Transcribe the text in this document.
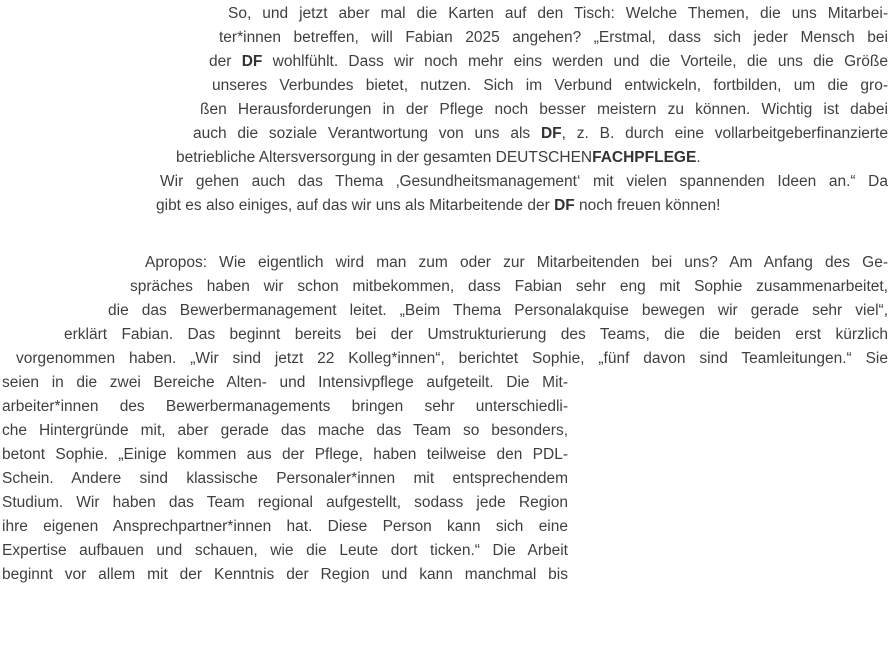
So, und jetzt aber mal die Karten auf den Tisch: Welche Themen, die uns Mitarbei-
ter*innen betreffen, will Fabian 2025 angehen? „Erstmal, dass sich jeder Mensch bei
der DF wohlfühlt. Dass wir noch mehr eins werden und die Vorteile, die uns die Größe
unseres Verbundes bietet, nutzen. Sich im Verbund entwickeln, fortbilden, um die gro-
ßen Herausforderungen in der Pflege noch besser meistern zu können. Wichtig ist dabei
auch die soziale Verantwortung von uns als DF, z. B. durch eine vollarbeitgeberfinanzierte
betriebliche Altersversorgung in der gesamten DEUTSCHENFACHPFLEGE.
Wir gehen auch das Thema ‚Gesundheitsmanagement‘ mit vielen spannenden Ideen an.“ Da
gibt es also einiges, auf das wir uns als Mitarbeitende der DF noch freuen können!
Apropos: Wie eigentlich wird man zum oder zur Mitarbeitenden bei uns? Am Anfang des Ge-
spräches haben wir schon mitbekommen, dass Fabian sehr eng mit Sophie zusammenarbeitet,
die das Bewerbermanagement leitet. „Beim Thema Personalakquise bewegen wir gerade sehr viel“,
erklärt Fabian. Das beginnt bereits bei der Umstrukturierung des Teams, die die beiden erst kürzlich
vorgenommen haben. „Wir sind jetzt 22 Kolleg*innen“, berichtet Sophie, „fünf davon sind Teamleitungen.“ Sie
seien in die zwei Bereiche Alten- und Intensivpflege aufgeteilt. Die Mit-
arbeiter*innen des Bewerbermanagements bringen sehr unterschiedli-
che Hintergründe mit, aber gerade das mache das Team so besonders,
betont Sophie. „Einige kommen aus der Pflege, haben teilweise den PDL-
Schein. Andere sind klassische Personaler*innen mit entsprechendem
Studium. Wir haben das Team regional aufgestellt, sodass jede Region
ihre eigenen Ansprechpartner*innen hat. Diese Person kann sich eine
Expertise aufbauen und schauen, wie die Leute dort ticken.“ Die Arbeit
beginnt vor allem mit der Kenntnis der Region und kann manchmal bis
